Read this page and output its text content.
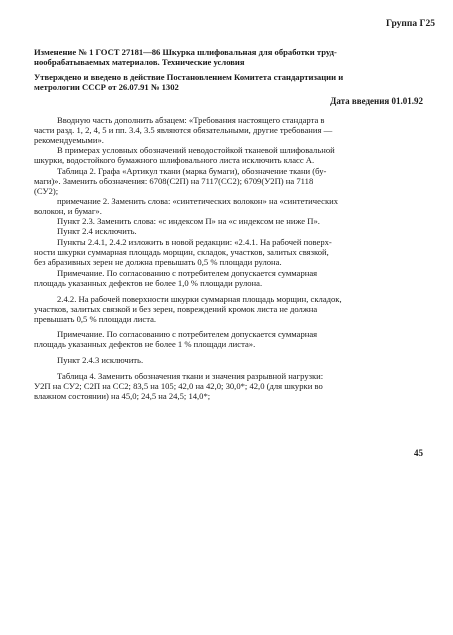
Группа Г25
Изменение № 1 ГОСТ 27181—86 Шкурка шлифовальная для обработки труд-
нообрабатываемых материалов. Технические условия
Утверждено и введено в действие Постановлением Комитета стандартизации и
метрологии СССР от 26.07.91 № 1302
Дата введения 01.01.92
Вводную часть дополнить абзацем: «Требования настоящего стандарта в
части разд. 1, 2, 4, 5 и пп. 3.4, 3.5 являются обязательными, другие требования —
рекомендуемыми».
В примерах условных обозначений неводостойкой тканевой шлифовальной
шкурки, водостойкого бумажного шлифовального листа исключить класс А.
Таблица 2. Графа «Артикул ткани (марка бумаги), обозначение ткани (бу-
маги)». Заменить обозначения: 6708(С2П) на 7117(СС2); 6709(У2П) на 7118
(СУ2);
примечание 2. Заменить слова: «синтетических волокон» на «синтетических
волокон, и бумаг».
Пункт 2.3. Заменить слова: «с индексом П» на «с индексом не ниже П».
Пункт 2.4 исключить.
Пункты 2.4.1, 2.4.2 изложить в новой редакции: «2.4.1. На рабочей поверх-
ности шкурки суммарная площадь морщин, складок, участков, залитых связкой,
без абразивных зерен не должна превышать 0,5 % площади рулона.
Примечание. По согласованию с потребителем допускается суммарная
площадь указанных дефектов не более 1,0 % площади рулона.
2.4.2. На рабочей поверхности шкурки суммарная площадь морщин, складок,
участков, залитых связкой и без зерен, повреждений кромок листа не должна
превышать 0,5 % площади листа.
Примечание. По согласованию с потребителем допускается суммарная
площадь указанных дефектов не более 1 % площади листа».
Пункт 2.4.3 исключить.
Таблица 4. Заменить обозначения ткани и значения разрывной нагрузки:
У2П на СУ2; С2П на СС2; 83,5 на 105; 42,0 на 42,0; 30,0*; 42,0 (для шкурки во
влажном состоянии) на 45,0; 24,5 на 24,5; 14,0*;
45
